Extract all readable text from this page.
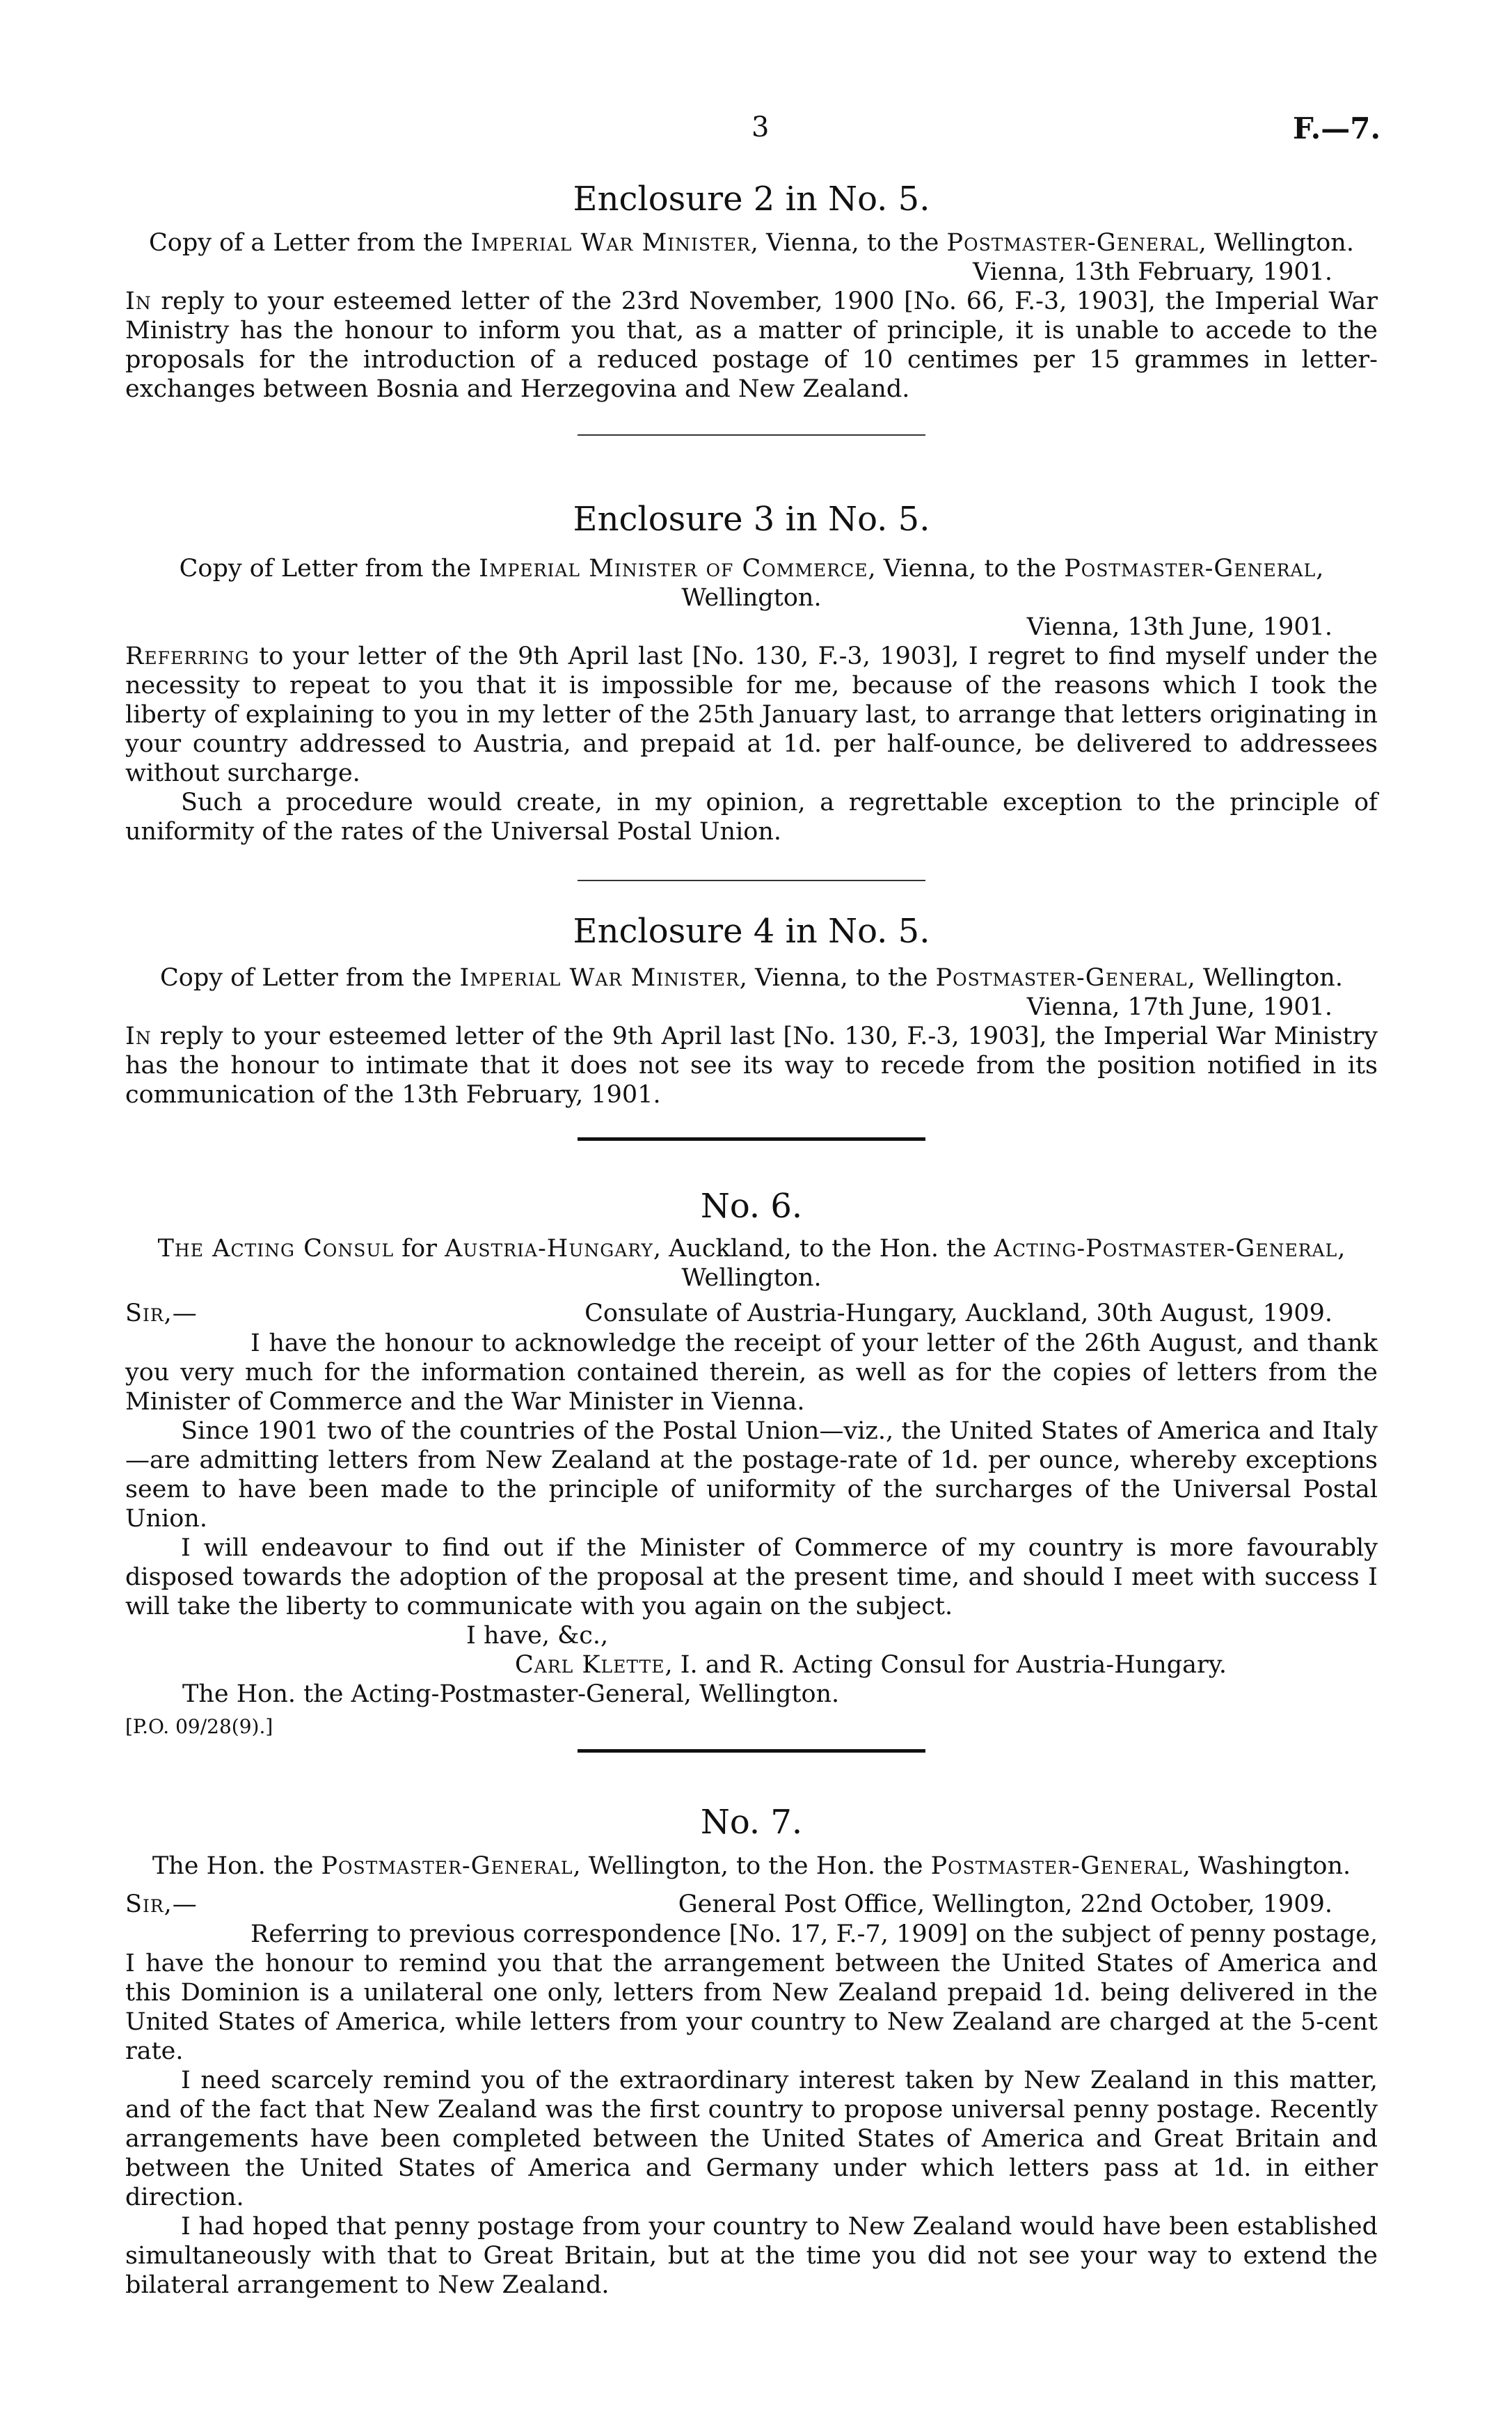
3	F.—7.

Enclosure 2 in No. 5.

Copy of a Letter from the Imperial War Minister, Vienna, to the Postmaster-General, Wellington.

Vienna, 13th February, 1901.

In reply to your esteemed letter of the 23rd November, 1900 [No. 66, F.-3, 1903], the Imperial War Ministry has the honour to inform you that, as a matter of principle, it is unable to accede to the proposals for the introduction of a reduced postage of 10 centimes per 15 grammes in letter-exchanges between Bosnia and Herzegovina and New Zealand.

Enclosure 3 in No. 5.

Copy of Letter from the Imperial Minister of Commerce, Vienna, to the Postmaster-General, Wellington.

Vienna, 13th June, 1901.

Referring to your letter of the 9th April last [No. 130, F.-3, 1903], I regret to find myself under the necessity to repeat to you that it is impossible for me, because of the reasons which I took the liberty of explaining to you in my letter of the 25th January last, to arrange that letters originating in your country addressed to Austria, and prepaid at 1d. per half-ounce, be delivered to addressees without surcharge.

Such a procedure would create, in my opinion, a regrettable exception to the principle of uniformity of the rates of the Universal Postal Union.

Enclosure 4 in No. 5.

Copy of Letter from the Imperial War Minister, Vienna, to the Postmaster-General, Wellington.

Vienna, 17th June, 1901.

In reply to your esteemed letter of the 9th April last [No. 130, F.-3, 1903], the Imperial War Ministry has the honour to intimate that it does not see its way to recede from the position notified in its communication of the 13th February, 1901.

No. 6.

The Acting Consul for Austria-Hungary, Auckland, to the Hon. the Acting-Postmaster-General, Wellington.

Sir,—	Consulate of Austria-Hungary, Auckland, 30th August, 1909.

I have the honour to acknowledge the receipt of your letter of the 26th August, and thank you very much for the information contained therein, as well as for the copies of letters from the Minister of Commerce and the War Minister in Vienna.

Since 1901 two of the countries of the Postal Union—viz., the United States of America and Italy—are admitting letters from New Zealand at the postage-rate of 1d. per ounce, whereby exceptions seem to have been made to the principle of uniformity of the surcharges of the Universal Postal Union.

I will endeavour to find out if the Minister of Commerce of my country is more favourably disposed towards the adoption of the proposal at the present time, and should I meet with success I will take the liberty to communicate with you again on the subject.

I have, &c.,

Carl Klette, I. and R. Acting Consul for Austria-Hungary.

The Hon. the Acting-Postmaster-General, Wellington.

[P.O. 09/28(9).]

No. 7.

The Hon. the Postmaster-General, Wellington, to the Hon. the Postmaster-General, Washington.

Sir,—	General Post Office, Wellington, 22nd October, 1909.

Referring to previous correspondence [No. 17, F.-7, 1909] on the subject of penny postage, I have the honour to remind you that the arrangement between the United States of America and this Dominion is a unilateral one only, letters from New Zealand prepaid 1d. being delivered in the United States of America, while letters from your country to New Zealand are charged at the 5-cent rate.

I need scarcely remind you of the extraordinary interest taken by New Zealand in this matter, and of the fact that New Zealand was the first country to propose universal penny postage. Recently arrangements have been completed between the United States of America and Great Britain and between the United States of America and Germany under which letters pass at 1d. in either direction.

I had hoped that penny postage from your country to New Zealand would have been established simultaneously with that to Great Britain, but at the time you did not see your way to extend the bilateral arrangement to New Zealand.
